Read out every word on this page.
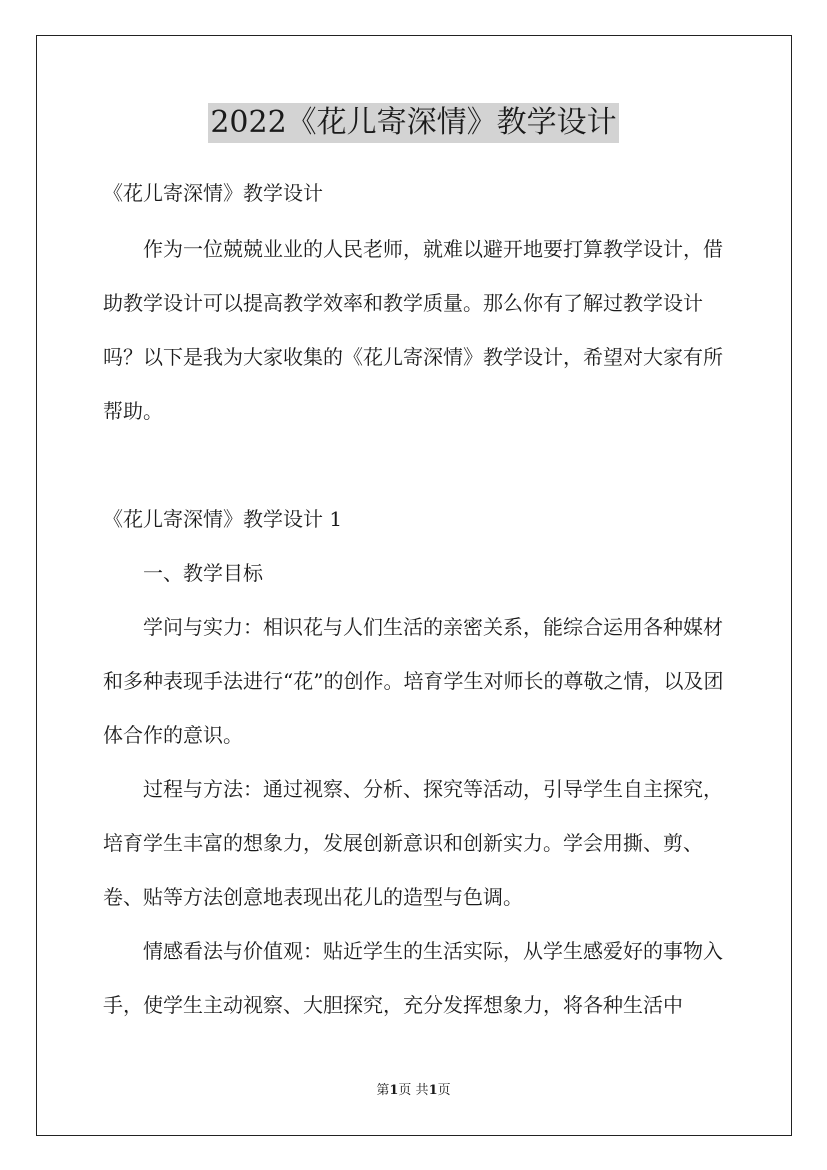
2022《花儿寄深情》教学设计

《花儿寄深情》教学设计

作为一位兢兢业业的人民老师，就难以避开地要打算教学设计，借助教学设计可以提高教学效率和教学质量。那么你有了解过教学设计吗？以下是我为大家收集的《花儿寄深情》教学设计，希望对大家有所帮助。

《花儿寄深情》教学设计 1

一、教学目标

学问与实力：相识花与人们生活的亲密关系，能综合运用各种媒材和多种表现手法进行“花”的创作。培育学生对师长的尊敬之情，以及团体合作的意识。

过程与方法：通过视察、分析、探究等活动，引导学生自主探究，培育学生丰富的想象力，发展创新意识和创新实力。学会用撕、剪、卷、贴等方法创意地表现出花儿的造型与色调。

情感看法与价值观：贴近学生的生活实际，从学生感爱好的事物入手，使学生主动视察、大胆探究，充分发挥想象力，将各种生活中

第1页 共1页
